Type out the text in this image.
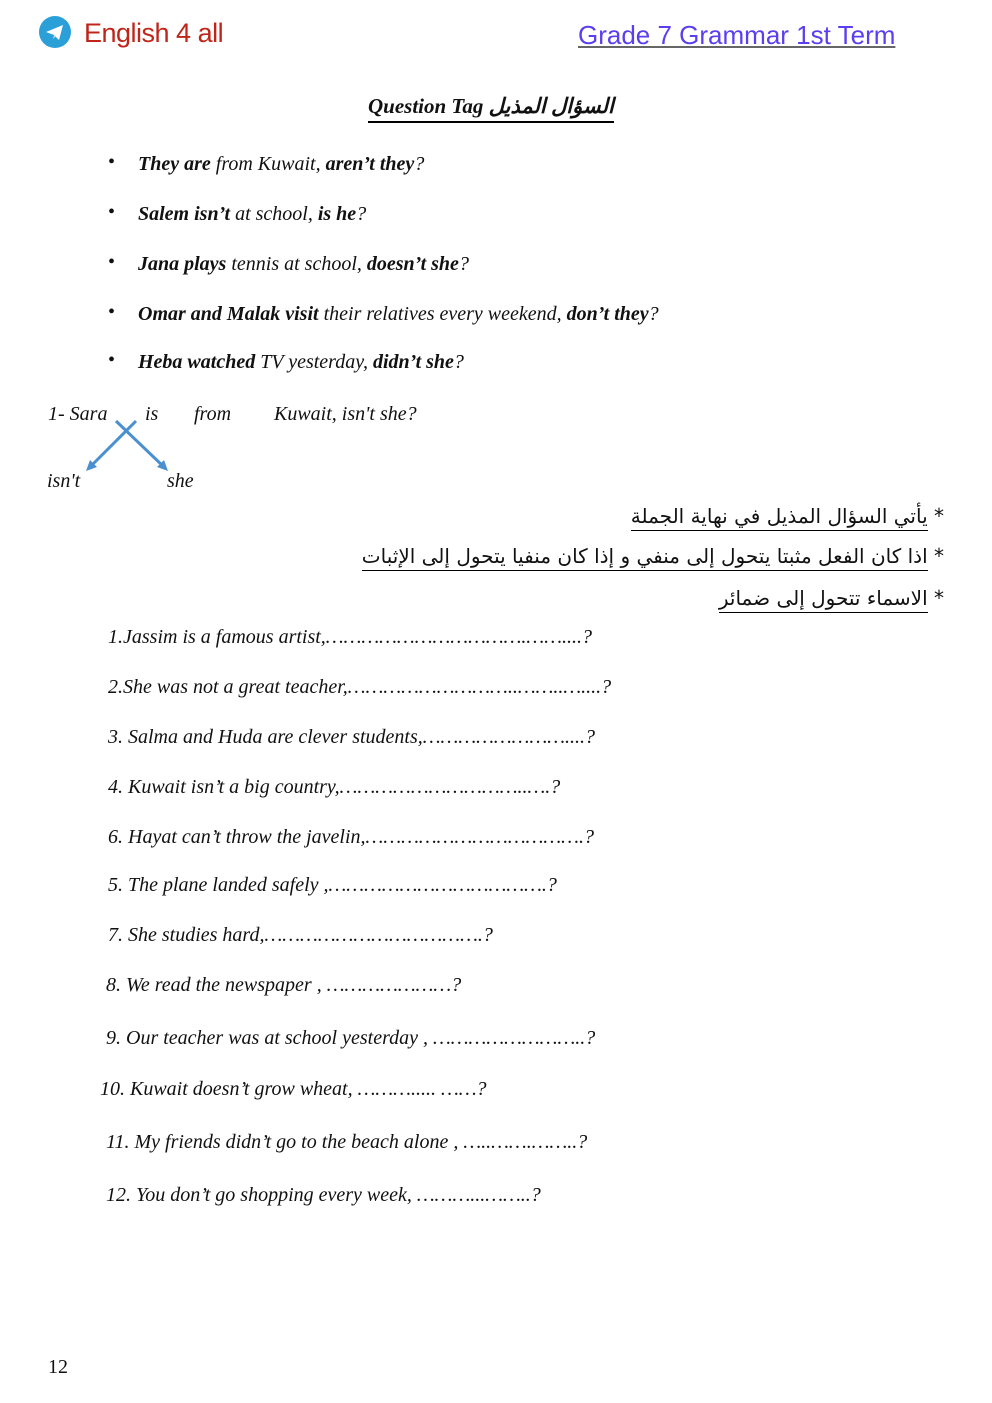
English 4 all	Grade 7 Grammar 1st Term
Question Tag السؤال المذيل
• They are from Kuwait, aren’t they?
• Salem isn’t at school, is he?
• Jana plays tennis at school, doesn’t she?
• Omar and Malak visit their relatives every weekend, don’t they?
• Heba watched TV yesterday, didn’t she?
1- Sara is from Kuwait, isn't she?
isn't	she
* يأتي السؤال المذيل في نهاية الجملة
* اذا كان الفعل مثبتا يتحول إلى منفي و إذا كان منفيا يتحول إلى الإثبات
* الاسماء تتحول إلى ضمائر
1.Jassim is a famous artist,…………………………….……....?
2.She was not a great teacher,………………………..……..…....?
3. Salma and Huda are clever students,……………………....?
4. Kuwait isn’t a big country,…………………………..….?
6. Hayat can’t throw the javelin,……………………………….?
5. The plane landed safely ,……………………………….?
7. She studies hard,……………………………….?
8. We read the newspaper , …………………?
9. Our teacher was at school yesterday , ……………………..?
10. Kuwait doesn’t grow wheat, ………..... ……?
11. My friends didn’t go to the beach alone , …..…….……..?
12. You don’t go shopping every week, ………...……..?
12
